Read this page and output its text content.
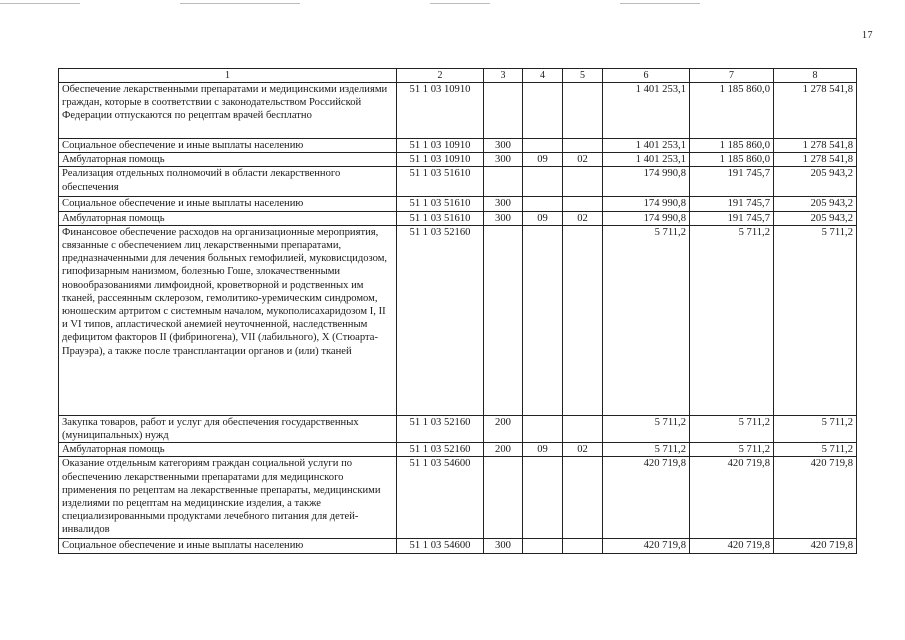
17
1	2	3	4	5	6	7	8
Обеспечение лекарственными препаратами и медицинскими изделиями граждан, которые в соответствии с законодательством Российской Федерации отпускаются по рецептам врачей бесплатно	51 1 03 10910				1 401 253,1	1 185 860,0	1 278 541,8
Социальное обеспечение и иные выплаты населению	51 1 03 10910	300			1 401 253,1	1 185 860,0	1 278 541,8
Амбулаторная помощь	51 1 03 10910	300	09	02	1 401 253,1	1 185 860,0	1 278 541,8
Реализация отдельных полномочий в области лекарственного обеспечения	51 1 03 51610				174 990,8	191 745,7	205 943,2
Социальное обеспечение и иные выплаты населению	51 1 03 51610	300			174 990,8	191 745,7	205 943,2
Амбулаторная помощь	51 1 03 51610	300	09	02	174 990,8	191 745,7	205 943,2
Финансовое обеспечение расходов на организационные мероприятия, связанные с обеспечением лиц лекарственными препаратами, предназначенными для лечения больных гемофилией, муковисцидозом, гипофизарным нанизмом, болезнью Гоше, злокачественными новообразованиями лимфоидной, кроветворной и родственных им тканей, рассеянным склерозом, гемолитико-уремическим синдромом, юношеским артритом с системным началом, мукополисахаридозом I, II и VI типов, апластической анемией неуточненной, наследственным дефицитом факторов II (фибриногена), VII (лабильного), X (Стюарта-Прауэра), а также после трансплантации органов и (или) тканей	51 1 03 52160				5 711,2	5 711,2	5 711,2
Закупка товаров, работ и услуг для обеспечения государственных (муниципальных) нужд	51 1 03 52160	200			5 711,2	5 711,2	5 711,2
Амбулаторная помощь	51 1 03 52160	200	09	02	5 711,2	5 711,2	5 711,2
Оказание отдельным категориям граждан социальной услуги по обеспечению лекарственными препаратами для медицинского применения по рецептам на лекарственные препараты, медицинскими изделиями по рецептам на медицинские изделия, а также специализированными продуктами лечебного питания для детей-инвалидов	51 1 03 54600				420 719,8	420 719,8	420 719,8
Социальное обеспечение и иные выплаты населению	51 1 03 54600	300			420 719,8	420 719,8	420 719,8
